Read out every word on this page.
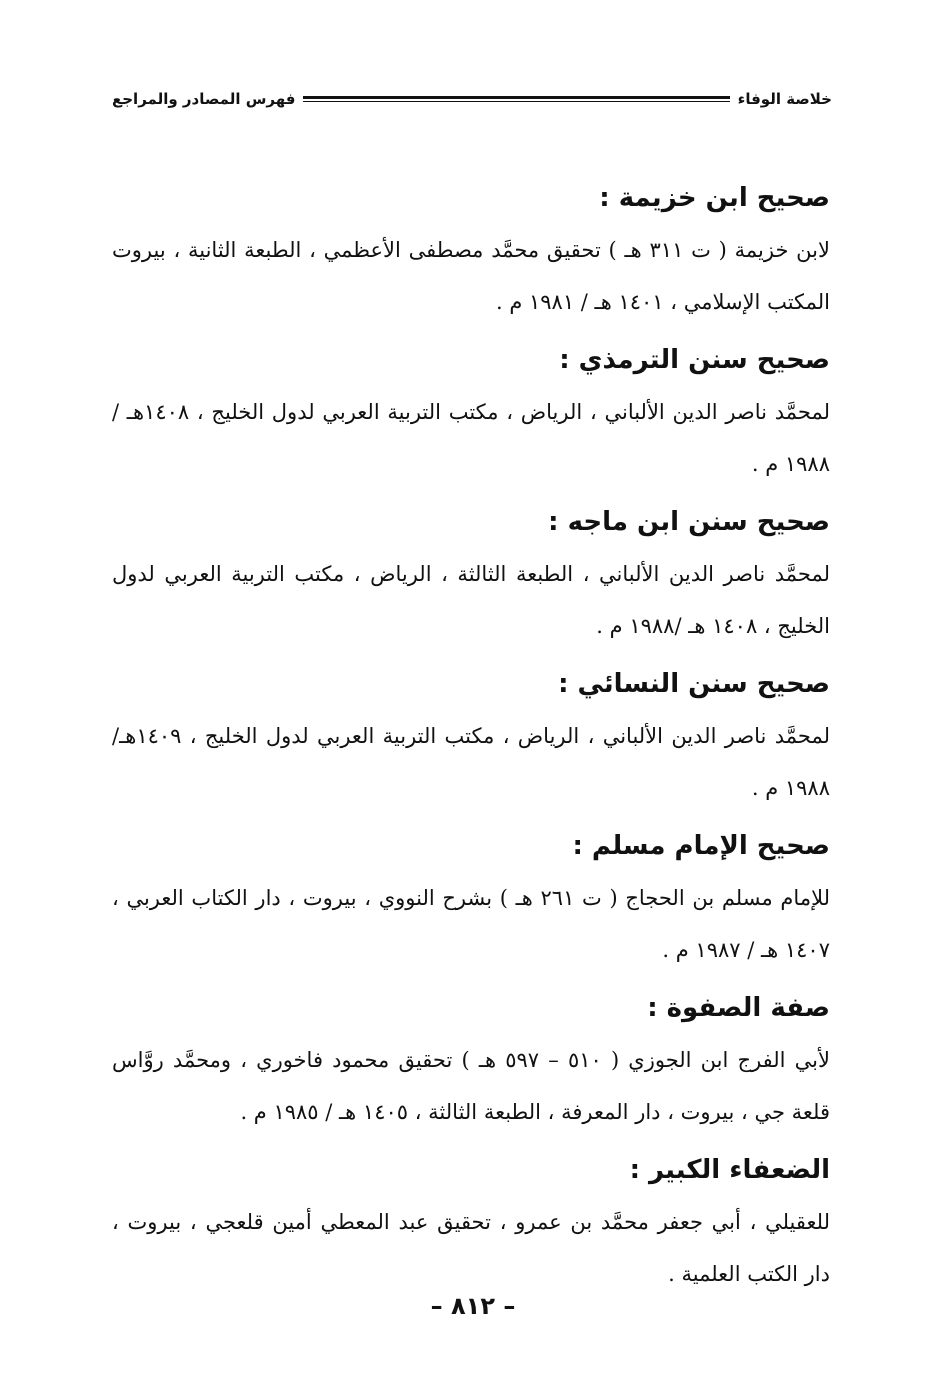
خلاصة الوفاء
فهرس المصادر والمراجع
صحيح ابن خزيمة :
لابن خزيمة ( ت ٣١١ هـ ) تحقيق محمَّد مصطفى الأعظمي ، الطبعة الثانية ، بيروت المكتب الإسلامي ، ١٤٠١ هـ / ١٩٨١ م .
صحيح سنن الترمذي :
لمحمَّد ناصر الدين الألباني ، الرياض ، مكتب التربية العربي لدول الخليج ، ١٤٠٨هـ / ١٩٨٨ م .
صحيح سنن ابن ماجه :
لمحمَّد ناصر الدين الألباني ، الطبعة الثالثة ، الرياض ، مكتب التربية العربي لدول الخليج ، ١٤٠٨ هـ /١٩٨٨ م .
صحيح سنن النسائي :
لمحمَّد ناصر الدين الألباني ، الرياض ، مكتب التربية العربي لدول الخليج ، ١٤٠٩هـ/١٩٨٨ م .
صحيح الإمام مسلم :
للإمام مسلم بن الحجاج ( ت ٢٦١ هـ ) بشرح النووي ، بيروت ، دار الكتاب العربي ، ١٤٠٧ هـ / ١٩٨٧ م .
صفة الصفوة :
لأبي الفرج ابن الجوزي ( ٥١٠ – ٥٩٧ هـ ) تحقيق محمود فاخوري ، ومحمَّد روَّاس قلعة جي ، بيروت ، دار المعرفة ، الطبعة الثالثة ، ١٤٠٥ هـ / ١٩٨٥ م .
الضعفاء الكبير :
للعقيلي ، أبي جعفر محمَّد بن عمرو ، تحقيق عبد المعطي أمين قلعجي ، بيروت ، دار الكتب العلمية .
– ٨١٢ –
